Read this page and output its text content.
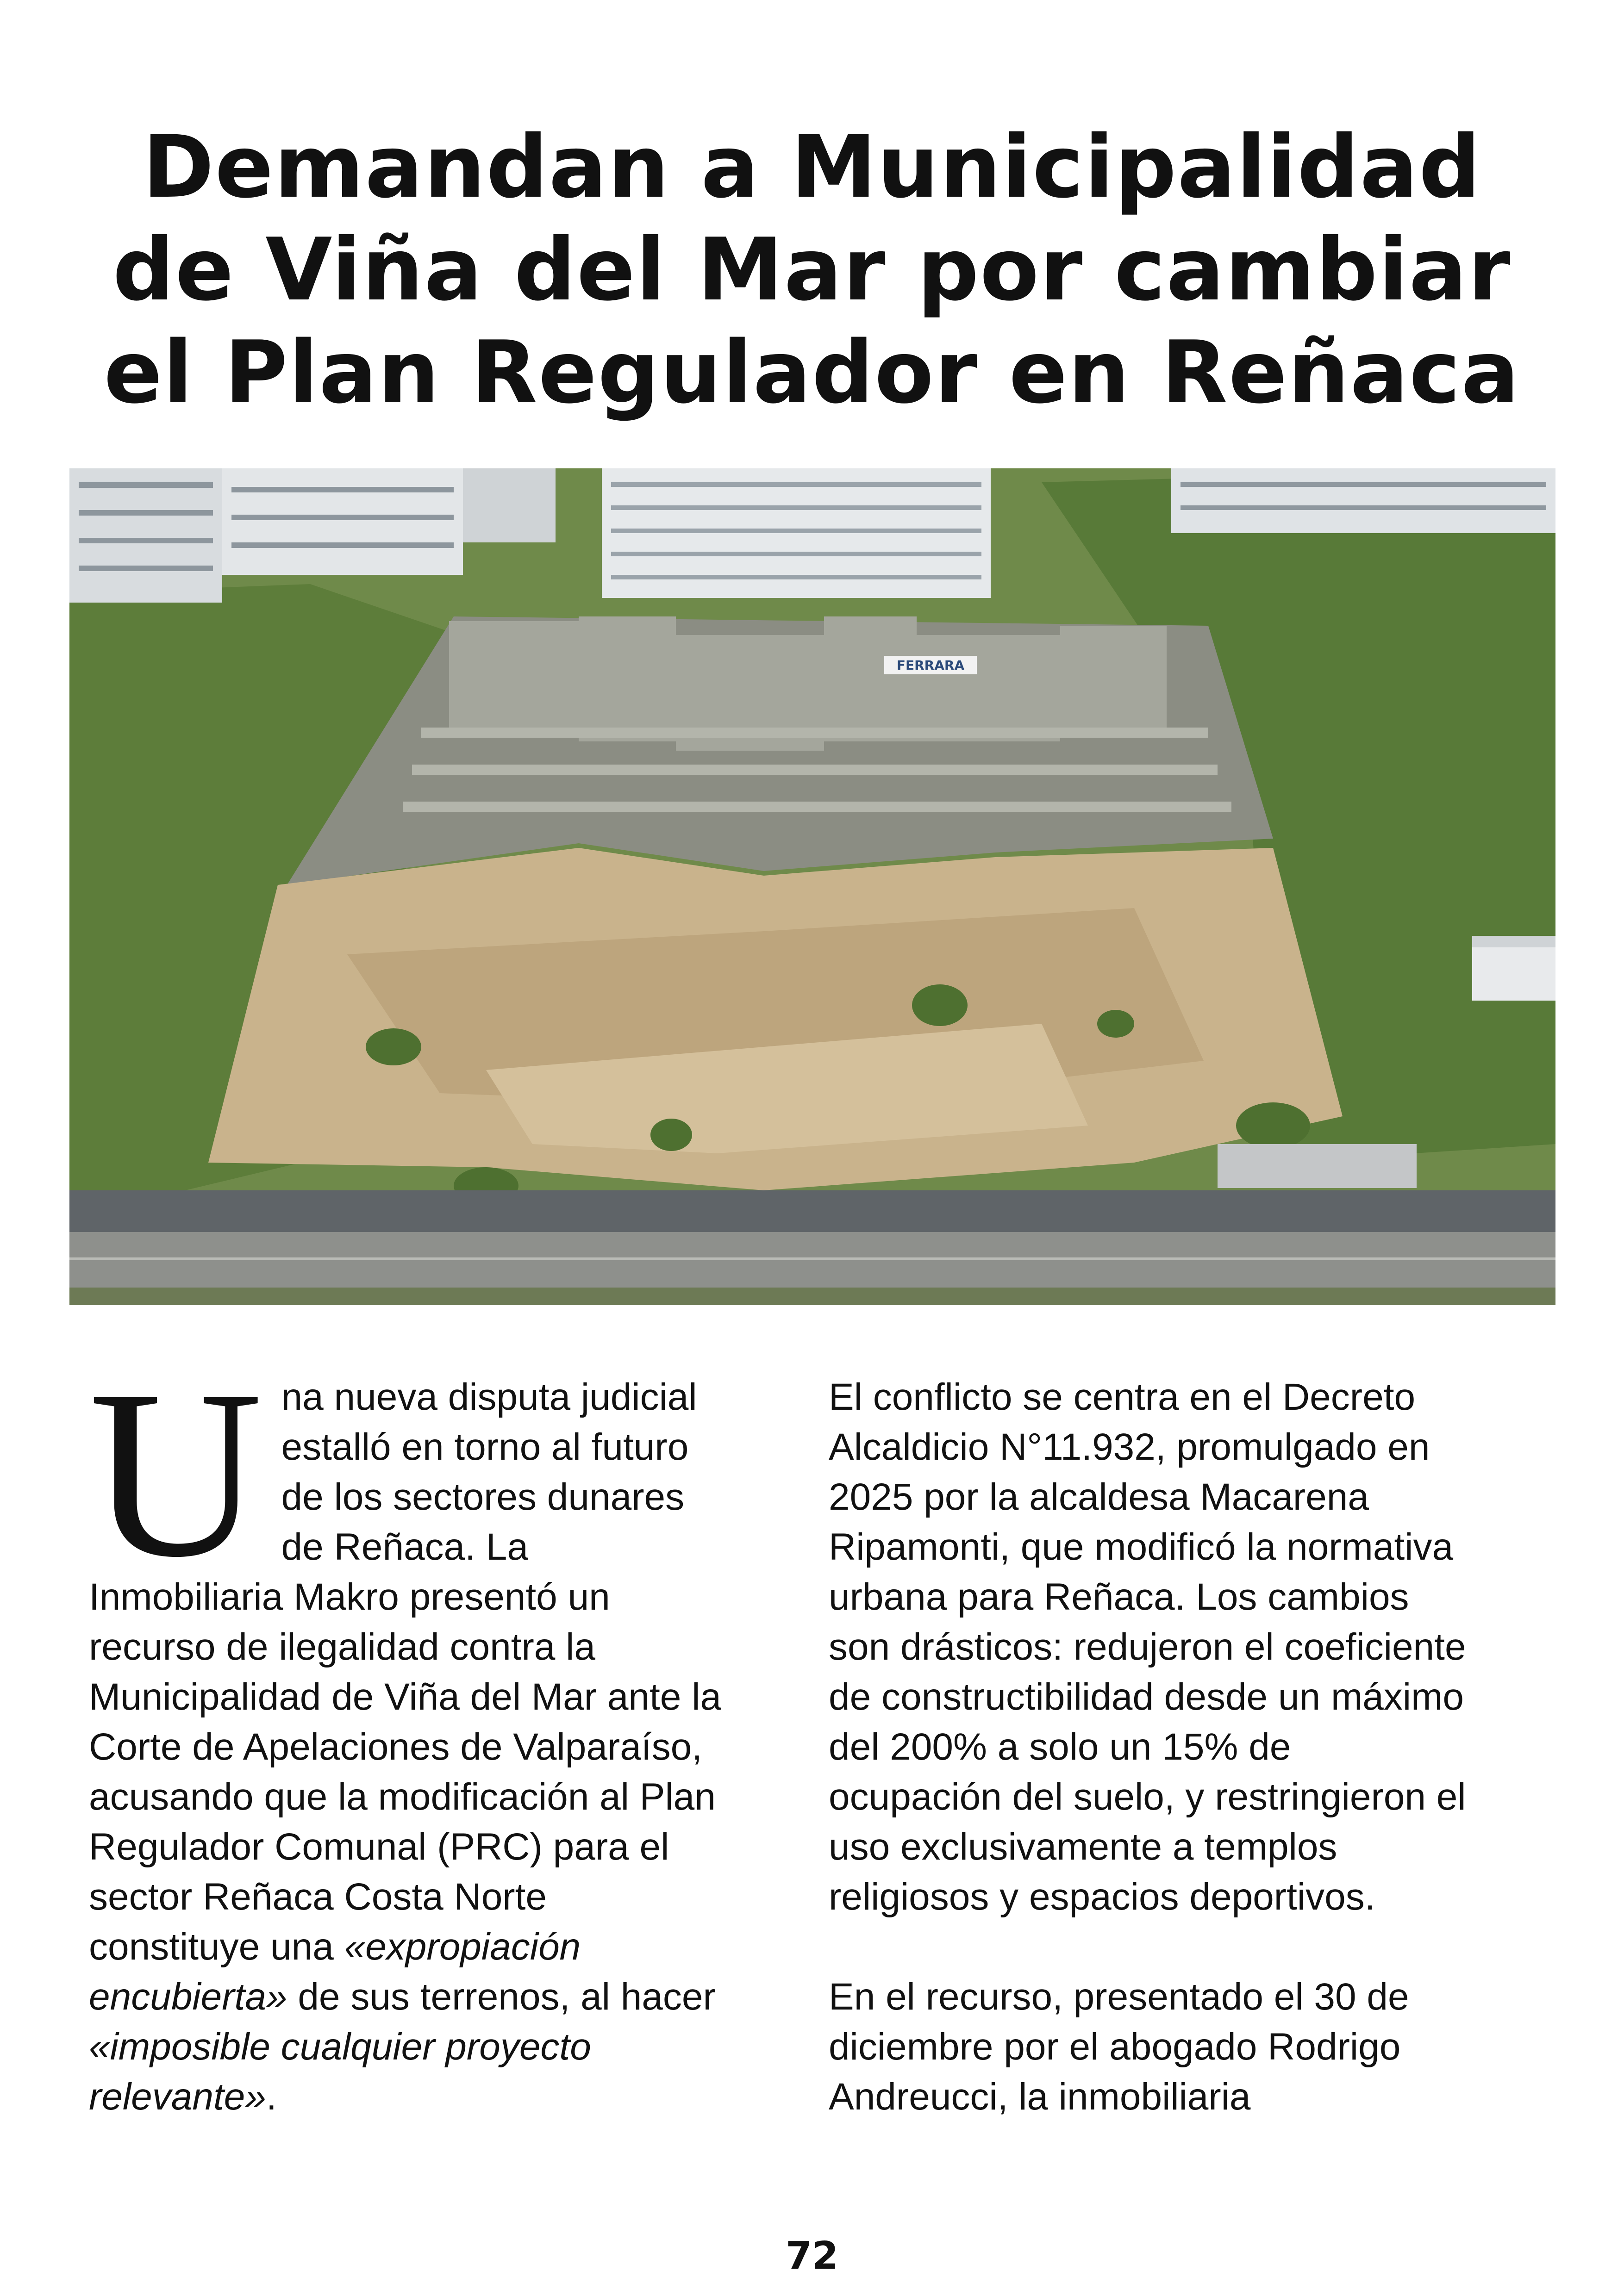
Demandan a Municipalidad
de Viña del Mar por cambiar
el Plan Regulador en Reñaca
FERRARA
U na nueva disputa judicial estalló en torno al futuro de los sectores dunares de Reñaca. La Inmobiliaria Makro presentó un recurso de ilegalidad contra la Municipalidad de Viña del Mar ante la Corte de Apelaciones de Valparaíso, acusando que la modificación al Plan Regulador Comunal (PRC) para el sector Reñaca Costa Norte constituye una «expropiación encubierta» de sus terrenos, al hacer «imposible cualquier proyecto relevante».

El conflicto se centra en el Decreto Alcaldicio N°11.932, promulgado en 2025 por la alcaldesa Macarena Ripamonti, que modificó la normativa urbana para Reñaca. Los cambios son drásticos: redujeron el coeficiente de constructibilidad desde un máximo del 200% a solo un 15% de ocupación del suelo, y restringieron el uso exclusivamente a templos religiosos y espacios deportivos.

En el recurso, presentado el 30 de diciembre por el abogado Rodrigo Andreucci, la inmobiliaria

72
